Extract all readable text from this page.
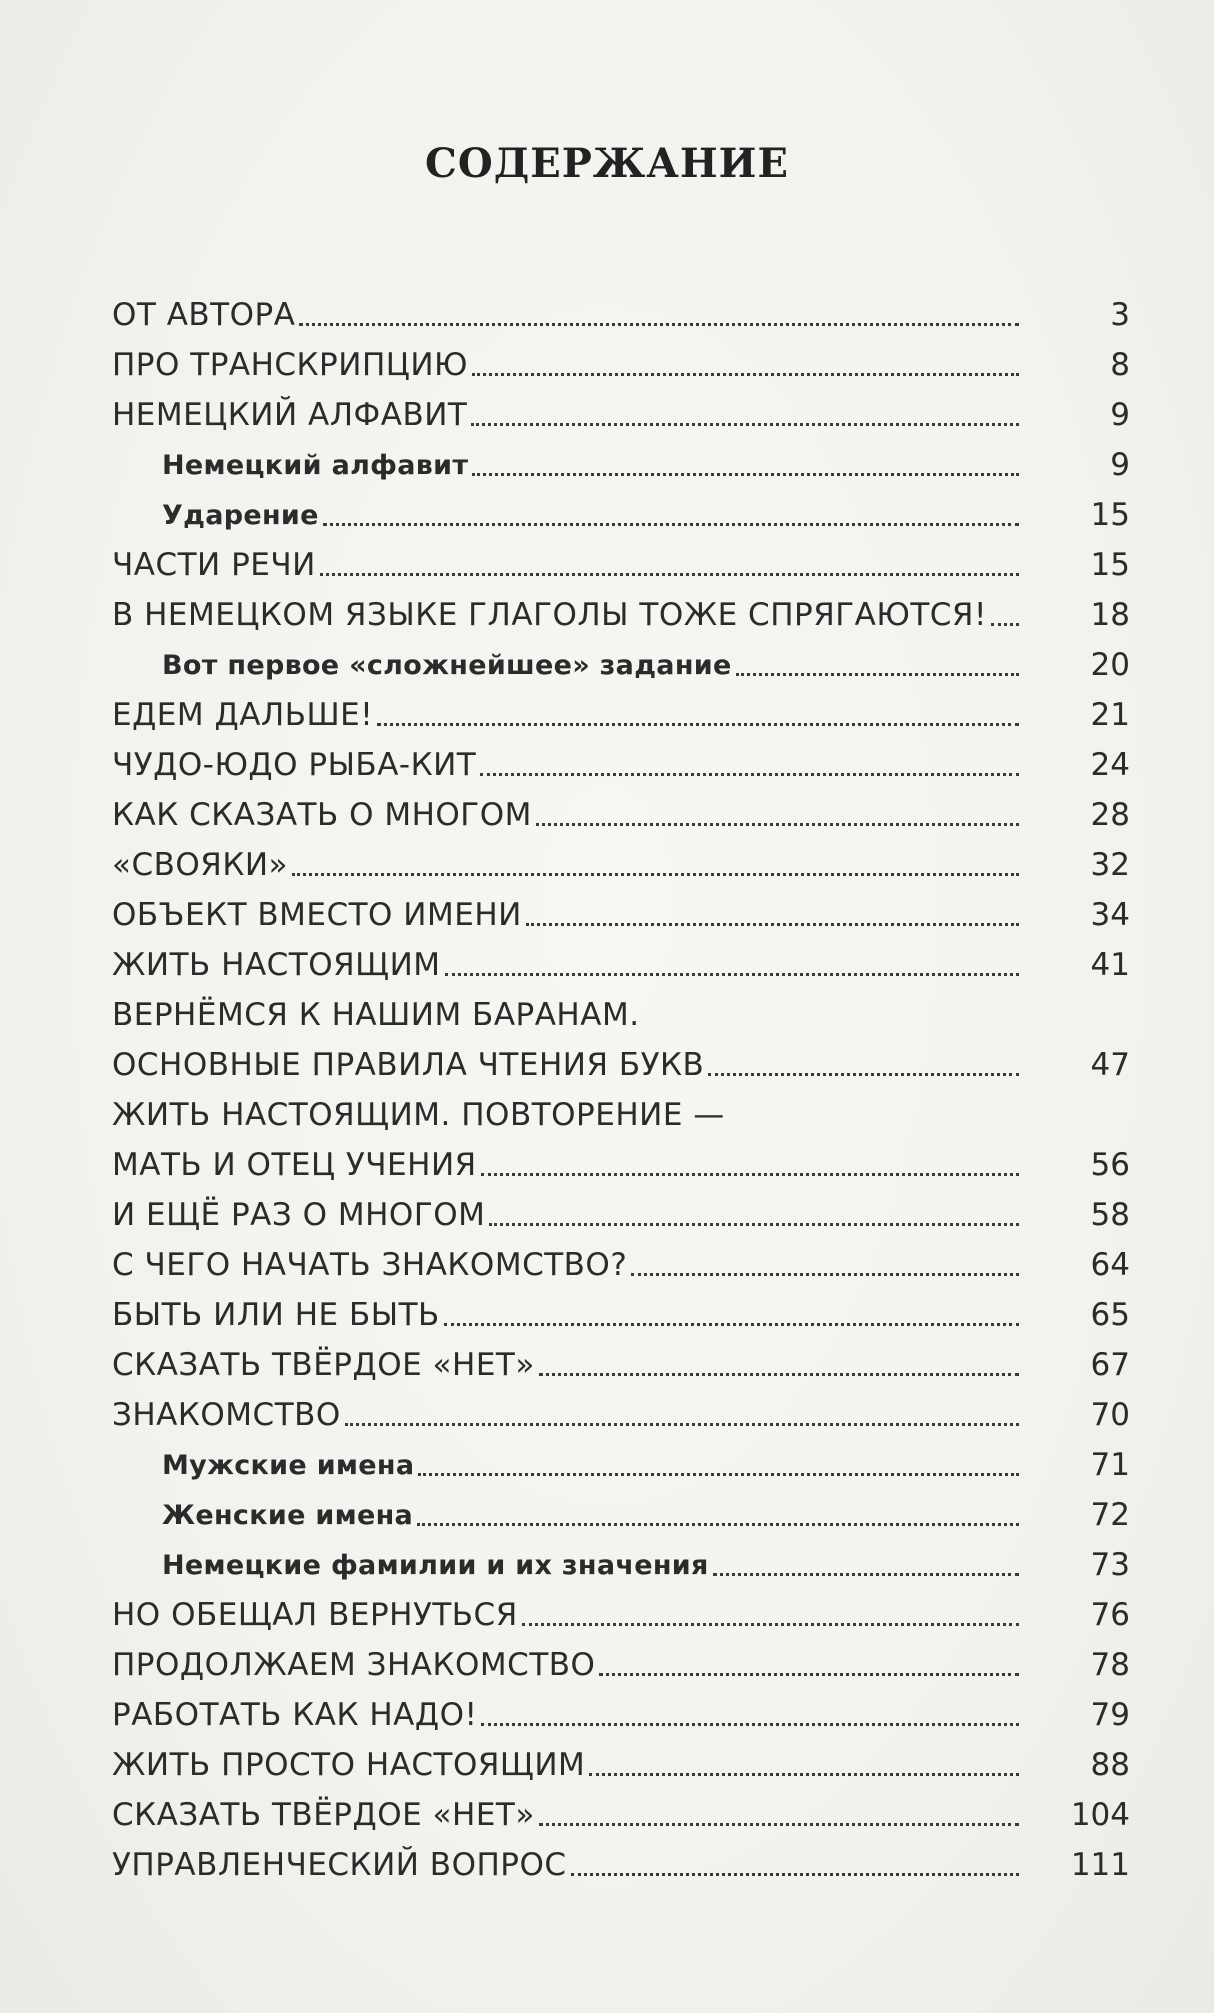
СОДЕРЖАНИЕ
ОТ АВТОРА	3
ПРО ТРАНСКРИПЦИЮ	8
НЕМЕЦКИЙ АЛФАВИТ	9
Немецкий алфавит	9
Ударение	15
ЧАСТИ РЕЧИ	15
В НЕМЕЦКОМ ЯЗЫКЕ ГЛАГОЛЫ ТОЖЕ СПРЯГАЮТСЯ!	18
Вот первое «сложнейшее» задание	20
ЕДЕМ ДАЛЬШЕ!	21
ЧУДО-ЮДО РЫБА-КИТ	24
КАК СКАЗАТЬ О МНОГОМ	28
«СВОЯКИ»	32
ОБЪЕКТ ВМЕСТО ИМЕНИ	34
ЖИТЬ НАСТОЯЩИМ	41
ВЕРНЁМСЯ К НАШИМ БАРАНАМ.
ОСНОВНЫЕ ПРАВИЛА ЧТЕНИЯ БУКВ	47
ЖИТЬ НАСТОЯЩИМ. ПОВТОРЕНИЕ —
МАТЬ И ОТЕЦ УЧЕНИЯ	56
И ЕЩЁ РАЗ О МНОГОМ	58
С ЧЕГО НАЧАТЬ ЗНАКОМСТВО?	64
БЫТЬ ИЛИ НЕ БЫТЬ	65
СКАЗАТЬ ТВЁРДОЕ «НЕТ»	67
ЗНАКОМСТВО	70
Мужские имена	71
Женские имена	72
Немецкие фамилии и их значения	73
НО ОБЕЩАЛ ВЕРНУТЬСЯ	76
ПРОДОЛЖАЕМ ЗНАКОМСТВО	78
РАБОТАТЬ КАК НАДО!	79
ЖИТЬ ПРОСТО НАСТОЯЩИМ	88
СКАЗАТЬ ТВЁРДОЕ «НЕТ»	104
УПРАВЛЕНЧЕСКИЙ ВОПРОС	111
